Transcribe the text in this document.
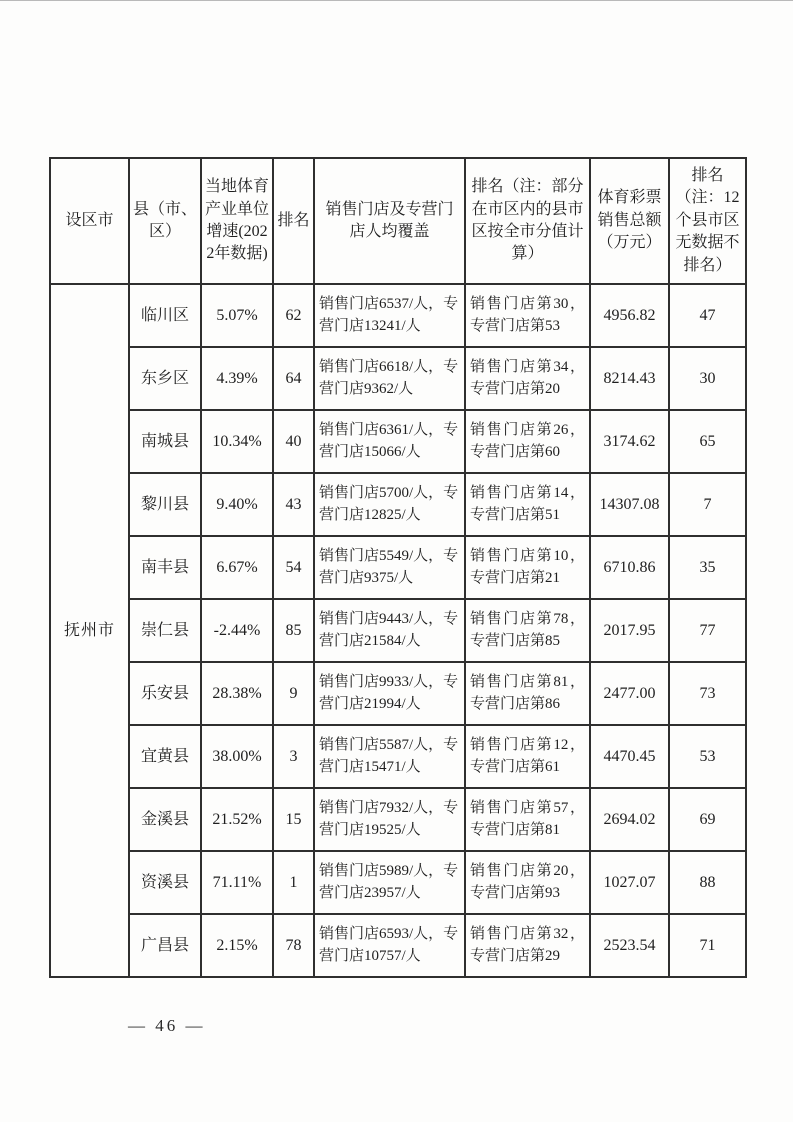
设区市	县（市、区）	当地体育产业单位增速(2022年数据)	排名	销售门店及专营门店人均覆盖	排名（注：部分在市区内的县市区按全市分值计算）	体育彩票销售总额（万元）	排名（注：12个县市区无数据不排名）
抚州市	临川区	5.07%	62	销售门店6537/人，专营门店13241/人	销售门店第30，专营门店第53	4956.82	47
	东乡区	4.39%	64	销售门店6618/人，专营门店9362/人	销售门店第34，专营门店第20	8214.43	30
	南城县	10.34%	40	销售门店6361/人，专营门店15066/人	销售门店第26，专营门店第60	3174.62	65
	黎川县	9.40%	43	销售门店5700/人，专营门店12825/人	销售门店第14，专营门店第51	14307.08	7
	南丰县	6.67%	54	销售门店5549/人，专营门店9375/人	销售门店第10，专营门店第21	6710.86	35
	崇仁县	-2.44%	85	销售门店9443/人，专营门店21584/人	销售门店第78，专营门店第85	2017.95	77
	乐安县	28.38%	9	销售门店9933/人，专营门店21994/人	销售门店第81，专营门店第86	2477.00	73
	宜黄县	38.00%	3	销售门店5587/人，专营门店15471/人	销售门店第12，专营门店第61	4470.45	53
	金溪县	21.52%	15	销售门店7932/人，专营门店19525/人	销售门店第57，专营门店第81	2694.02	69
	资溪县	71.11%	1	销售门店5989/人，专营门店23957/人	销售门店第20，专营门店第93	1027.07	88
	广昌县	2.15%	78	销售门店6593/人，专营门店10757/人	销售门店第32，专营门店第29	2523.54	71
— 46 —
